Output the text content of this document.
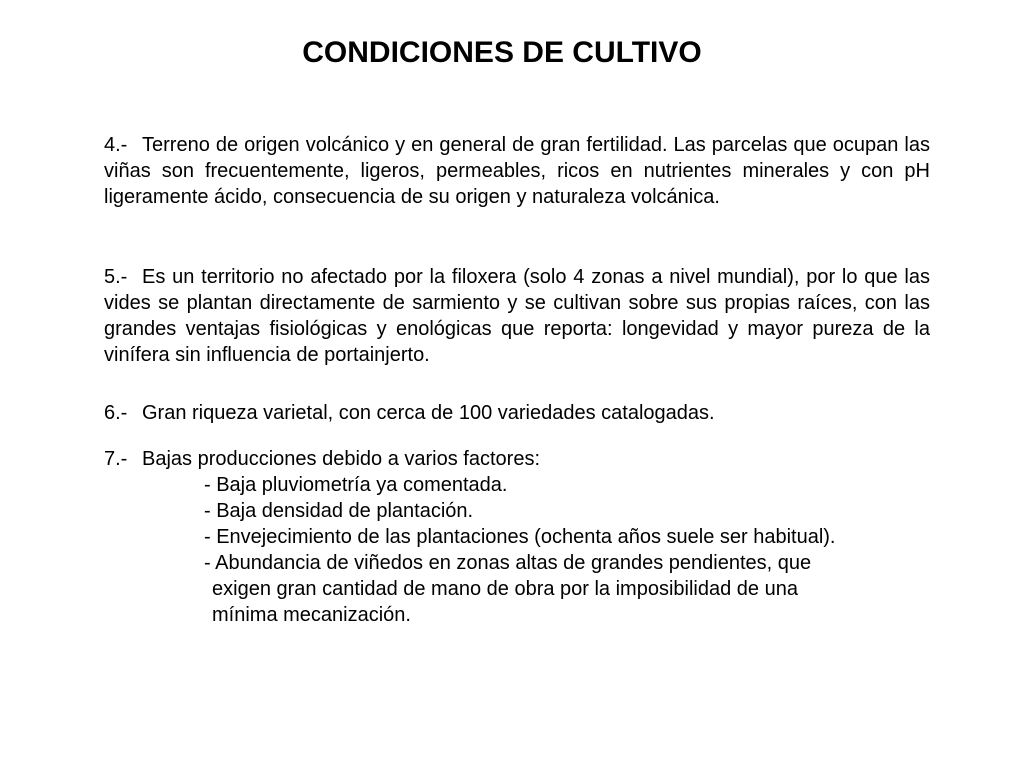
CONDICIONES DE CULTIVO
4.- Terreno de origen volcánico y en general de gran fertilidad. Las parcelas que ocupan las viñas son frecuentemente, ligeros, permeables, ricos en nutrientes minerales y con pH ligeramente ácido, consecuencia de su origen y naturaleza volcánica.
5.- Es un territorio no afectado por la filoxera (solo 4 zonas a nivel mundial), por lo que las vides se plantan directamente de sarmiento y se cultivan sobre sus propias raíces, con las grandes ventajas fisiológicas y enológicas que reporta: longevidad y mayor pureza de la vinífera sin influencia de portainjerto.
6.- Gran riqueza varietal, con cerca de 100 variedades catalogadas.
7.- Bajas producciones debido a varios factores:
- Baja pluviometría ya comentada.
- Baja densidad de plantación.
- Envejecimiento de las plantaciones (ochenta años suele ser habitual).
- Abundancia de viñedos en zonas altas de grandes pendientes, que
exigen gran cantidad de mano de obra por la imposibilidad de una
mínima mecanización.
